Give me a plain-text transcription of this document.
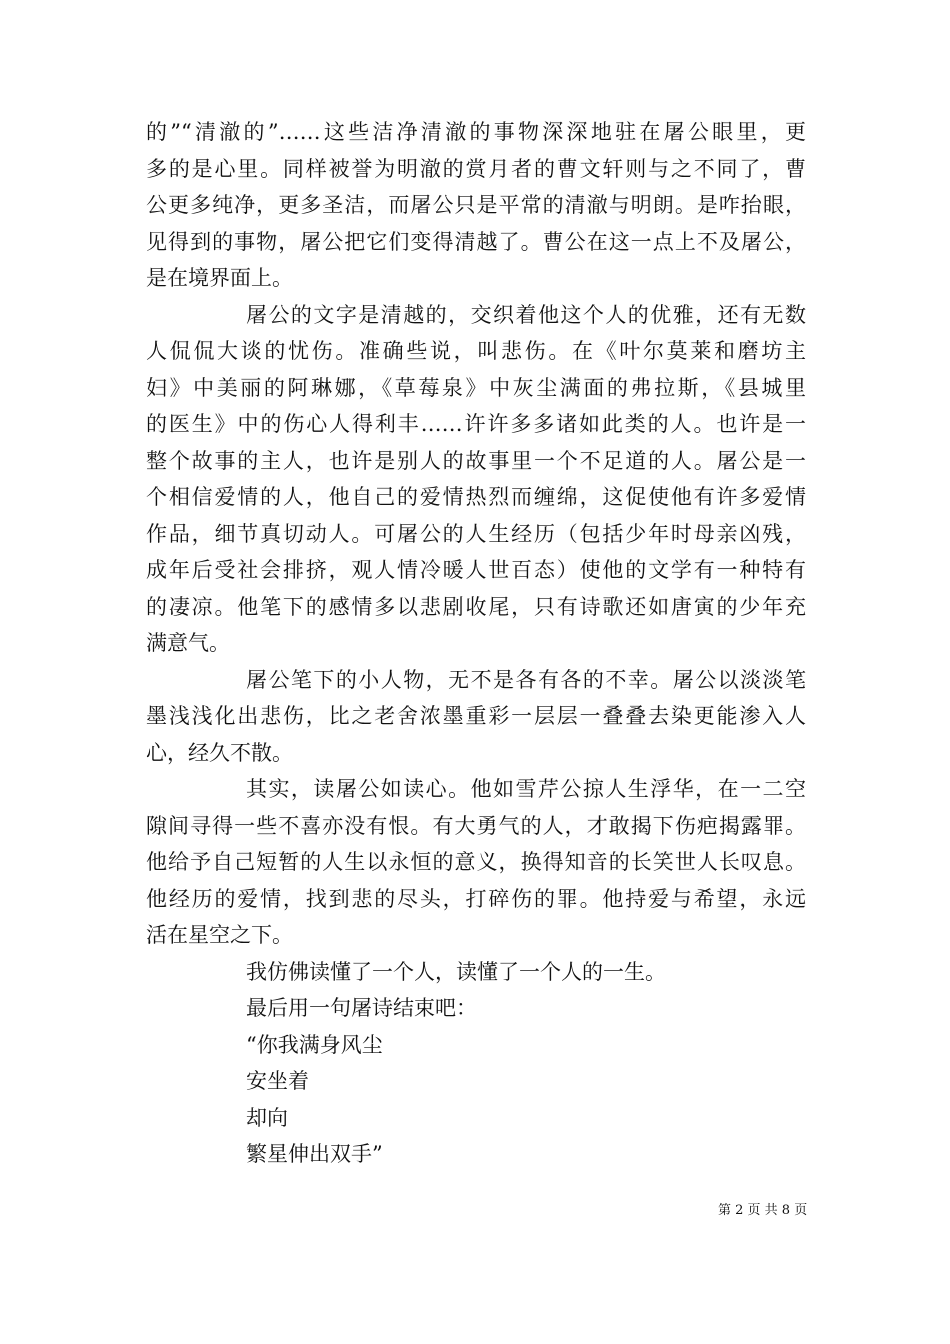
的”“清澈的”……这些洁净清澈的事物深深地驻在屠公眼里，更
多的是心里。同样被誉为明澈的赏月者的曹文轩则与之不同了，曹
公更多纯净，更多圣洁，而屠公只是平常的清澈与明朗。是咋抬眼，
见得到的事物，屠公把它们变得清越了。曹公在这一点上不及屠公，
是在境界面上。
屠公的文字是清越的，交织着他这个人的优雅，还有无数
人侃侃大谈的忧伤。准确些说，叫悲伤。在《叶尔莫莱和磨坊主
妇》中美丽的阿琳娜，《草莓泉》中灰尘满面的弗拉斯，《县城里
的医生》中的伤心人得利丰……许许多多诸如此类的人。也许是一
整个故事的主人，也许是别人的故事里一个不足道的人。屠公是一
个相信爱情的人，他自己的爱情热烈而缠绵，这促使他有许多爱情
作品，细节真切动人。可屠公的人生经历（包括少年时母亲凶残，
成年后受社会排挤，观人情冷暖人世百态）使他的文学有一种特有
的凄凉。他笔下的感情多以悲剧收尾，只有诗歌还如唐寅的少年充
满意气。
屠公笔下的小人物，无不是各有各的不幸。屠公以淡淡笔
墨浅浅化出悲伤，比之老舍浓墨重彩一层层一叠叠去染更能渗入人
心，经久不散。
其实，读屠公如读心。他如雪芹公掠人生浮华，在一二空
隙间寻得一些不喜亦没有恨。有大勇气的人，才敢揭下伤疤揭露罪。
他给予自己短暂的人生以永恒的意义，换得知音的长笑世人长叹息。
他经历的爱情，找到悲的尽头，打碎伤的罪。他持爱与希望，永远
活在星空之下。
我仿佛读懂了一个人，读懂了一个人的一生。
最后用一句屠诗结束吧：
“你我满身风尘
安坐着
却向
繁星伸出双手”
第 2 页 共 8 页
